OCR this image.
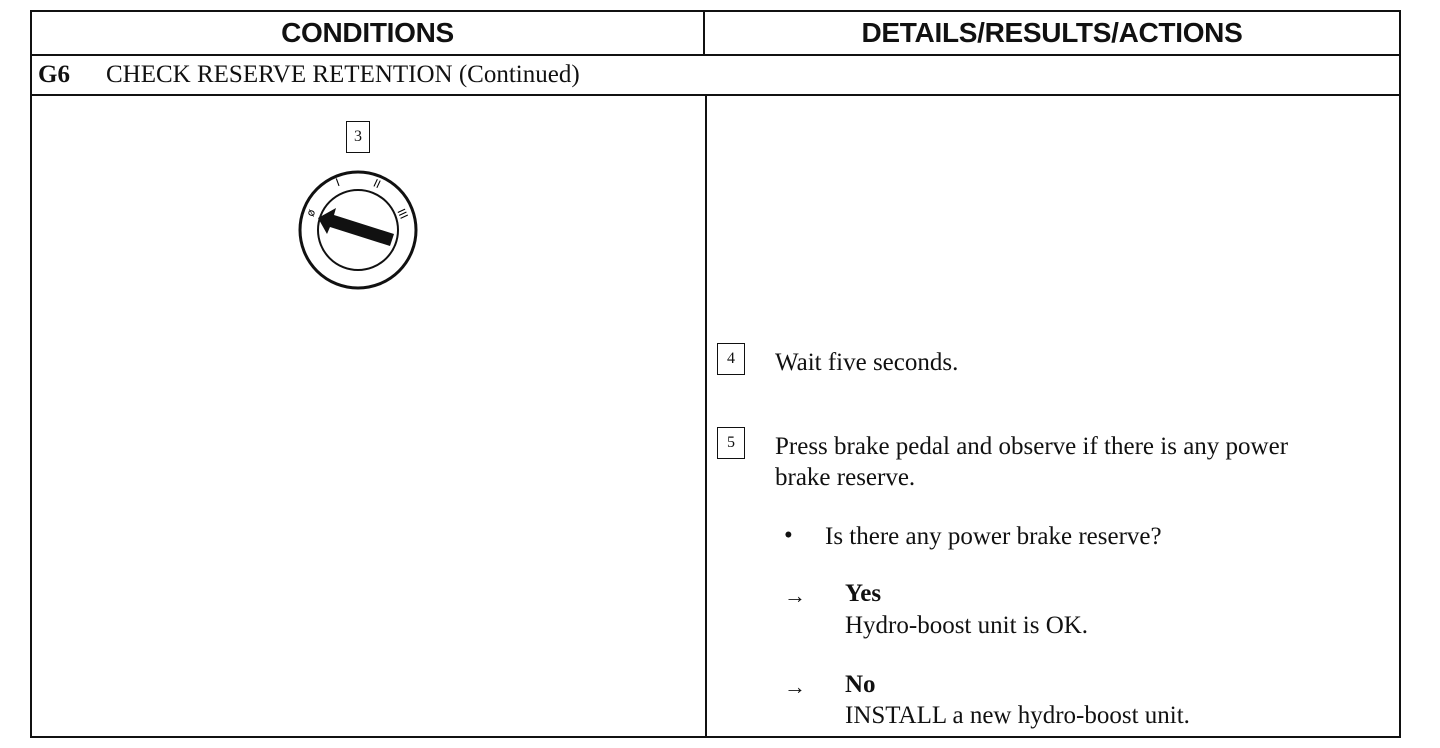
CONDITIONS	DETAILS/RESULTS/ACTIONS
G6	CHECK RESERVE RETENTION (Continued)
3
ø
I	II
III
4	Wait five seconds.
5	Press brake pedal and observe if there is any power
brake reserve.
• Is there any power brake reserve?
→ Yes
Hydro-boost unit is OK.
→ No
INSTALL a new hydro-boost unit.
